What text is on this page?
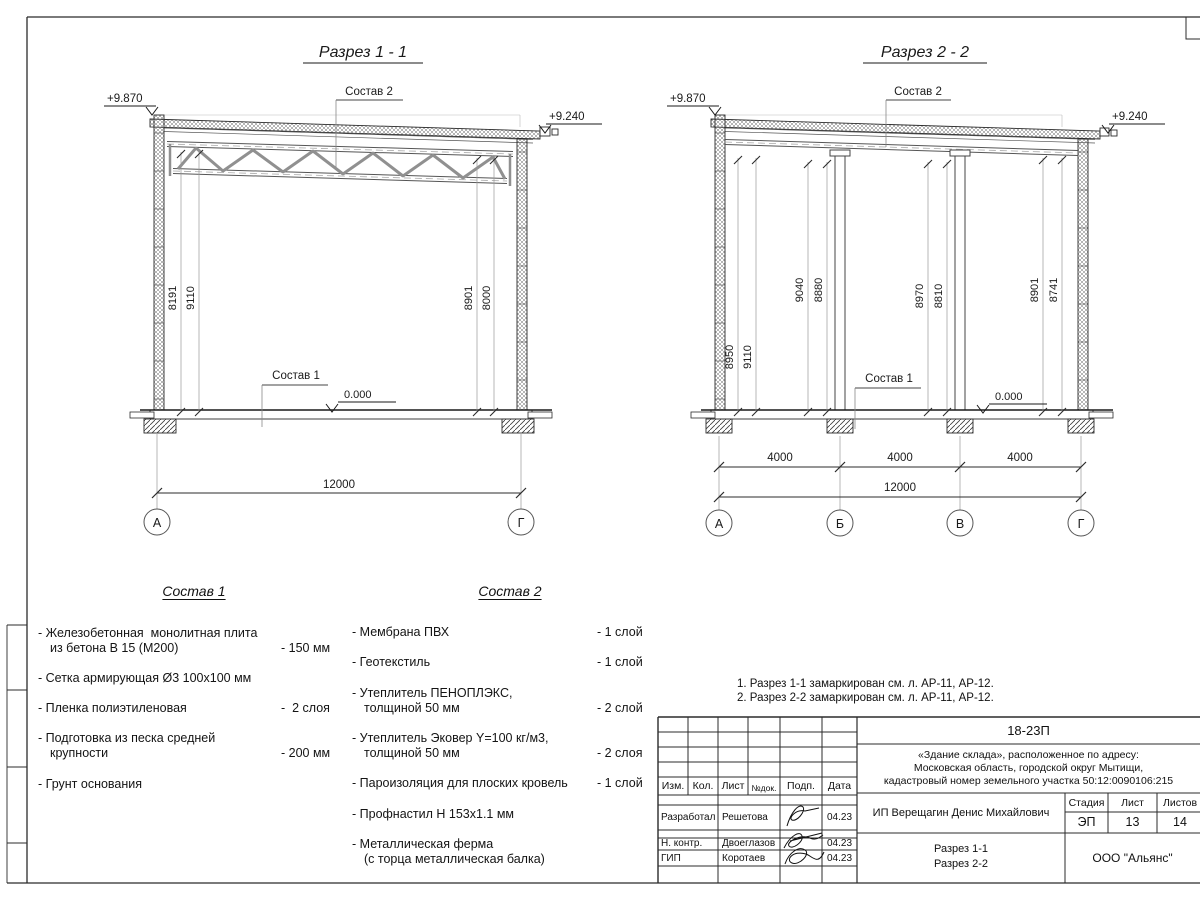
Разрез 1 - 1
8191 9110	8901 8000
+9.870
+9.240
Состав 2
Состав 1
0.000
12000
А	Г
Разрез 2 - 2
8950 9110
9040 8880	8970 8810	8901 8741
+9.870
+9.240
Состав 2
Состав 1
0.000
4000	4000	4000
12000
А	Б	В	Г
Состав 1
- Железобетонная  монолитная плита
из бетона В 15 (М200)	- 150 мм
- Сетка армирующая Ø3 100x100 мм
- Пленка полиэтиленовая	-  2 слоя
- Подготовка из песка средней
крупности	- 200 мм
- Грунт основания
Состав 2
- Мембрана ПВХ	- 1 слой
- Геотекстиль	- 1 слой
- Утеплитель ПЕНОПЛЭКС,
толщиной 50 мм	- 2 слой
- Утеплитель Эковер Y=100 кг/м3,
толщиной 50 мм	- 2 слоя
- Пароизоляция для плоских кровель - 1 слой
- Профнастил Н 153x1.1 мм
- Металлическая ферма
(с торца металлическая балка)
1. Разрез 1-1 замаркирован см. л. АР-11, АР-12.
2. Разрез 2-2 замаркирован см. л. АР-11, АР-12.
18-23П
«Здание склада», расположенное по адресу:
Московская область, городской округ Мытищи,
кадастровый номер земельного участка 50:12:0090106:215
Изм. Кол. Лист №док.	Подп.	Дата
Разработал Решетова	04.23
Н. контр. Двоеглазов	04.23
ГИП	Коротаев	04.23
ИП Верещагин Денис Михайлович
Стадия	Лист	Листов
ЭП	13	14
Разрез 1-1
Разрез 2-2	ООО "Альянс"
